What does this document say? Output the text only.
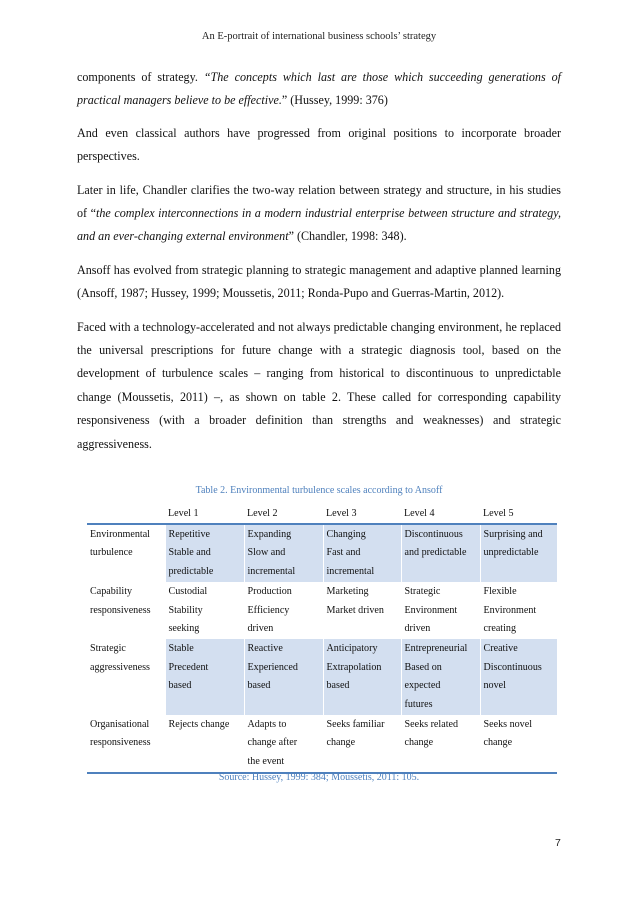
An E-portrait of international business schools’ strategy

components of strategy. “The concepts which last are those which succeeding generations of practical managers believe to be effective.” (Hussey, 1999: 376)

And even classical authors have progressed from original positions to incorporate broader perspectives.

Later in life, Chandler clarifies the two-way relation between strategy and structure, in his studies of “the complex interconnections in a modern industrial enterprise between structure and strategy, and an ever-changing external environment” (Chandler, 1998: 348).

Ansoff has evolved from strategic planning to strategic management and adaptive planned learning (Ansoff, 1987; Hussey, 1999; Moussetis, 2011; Ronda-Pupo and Guerras-Martin, 2012).

Faced with a technology-accelerated and not always predictable changing environment, he replaced the universal prescriptions for future change with a strategic diagnosis tool, based on the development of turbulence scales – ranging from historical to discontinuous to unpredictable change (Moussetis, 2011) –, as shown on table 2. These called for corresponding capability responsiveness (with a broader definition than strengths and weaknesses) and strategic aggressiveness.

Table 2. Environmental turbulence scales according to Ansoff
	Level 1	Level 2	Level 3	Level 4	Level 5

Environmental
turbulence	Repetitive
Stable and
predictable	Expanding
Slow and
incremental	Changing
Fast and
incremental	Discontinuous
and predictable	Surprising and
unpredictable

Capability
responsiveness	Custodial
Stability
seeking	Production
Efficiency
driven	Marketing
Market driven	Strategic
Environment
driven	Flexible
Environment
creating

Strategic
aggressiveness	Stable
Precedent
based	Reactive
Experienced
based	Anticipatory
Extrapolation
based	Entrepreneurial
Based on
expected
futures	Creative
Discontinuous
novel

Organisational
responsiveness	Rejects change	Adapts to
change after
the event	Seeks familiar
change	Seeks related
change	Seeks novel
change
Source: Hussey, 1999: 384; Moussetis, 2011: 105.
7
